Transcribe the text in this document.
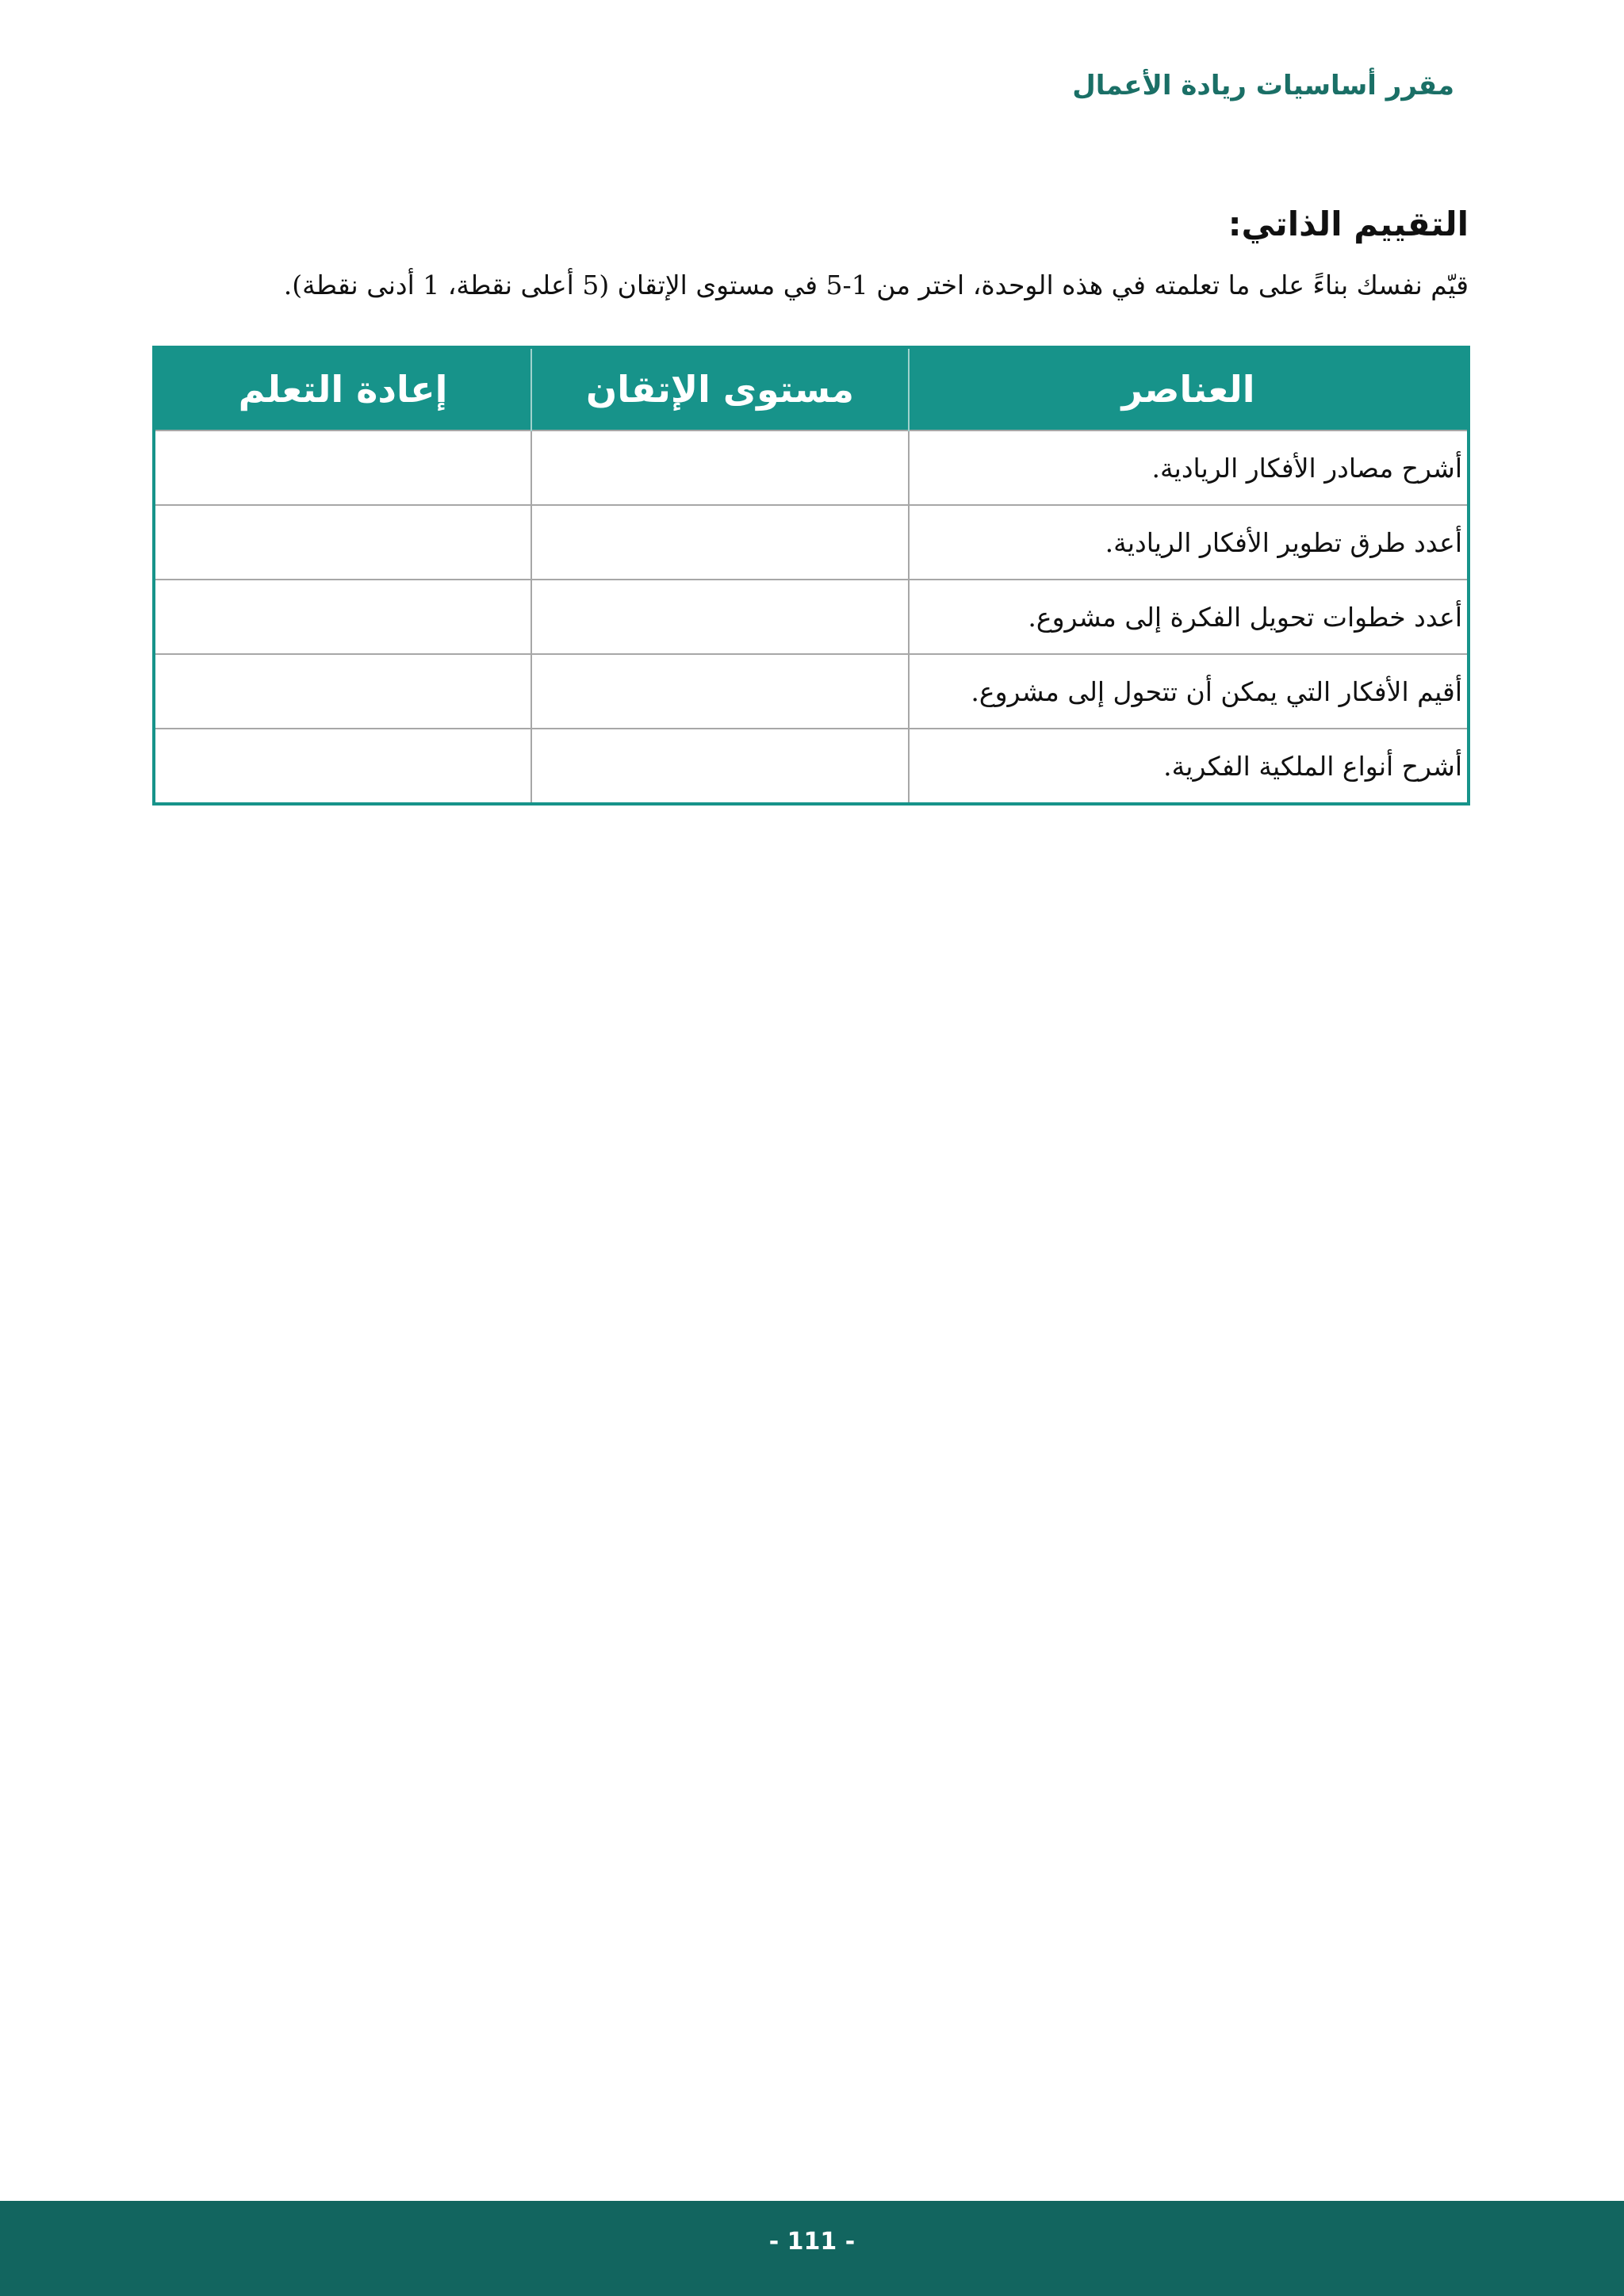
مقرر أساسيات ريادة الأعمال
التقييم الذاتي:
قيّم نفسك بناءً على ما تعلمته في هذه الوحدة، اختر من 1-5 في مستوى الإتقان (5 أعلى نقطة، 1 أدنى نقطة).
العناصر	مستوى الإتقان	إعادة التعلم
أشرح مصادر الأفكار الريادية.		
أعدد طرق تطوير الأفكار الريادية.		
أعدد خطوات تحويل الفكرة إلى مشروع.		
أقيم الأفكار التي يمكن أن تتحول إلى مشروع.		
أشرح أنواع الملكية الفكرية.		
- 111 -
